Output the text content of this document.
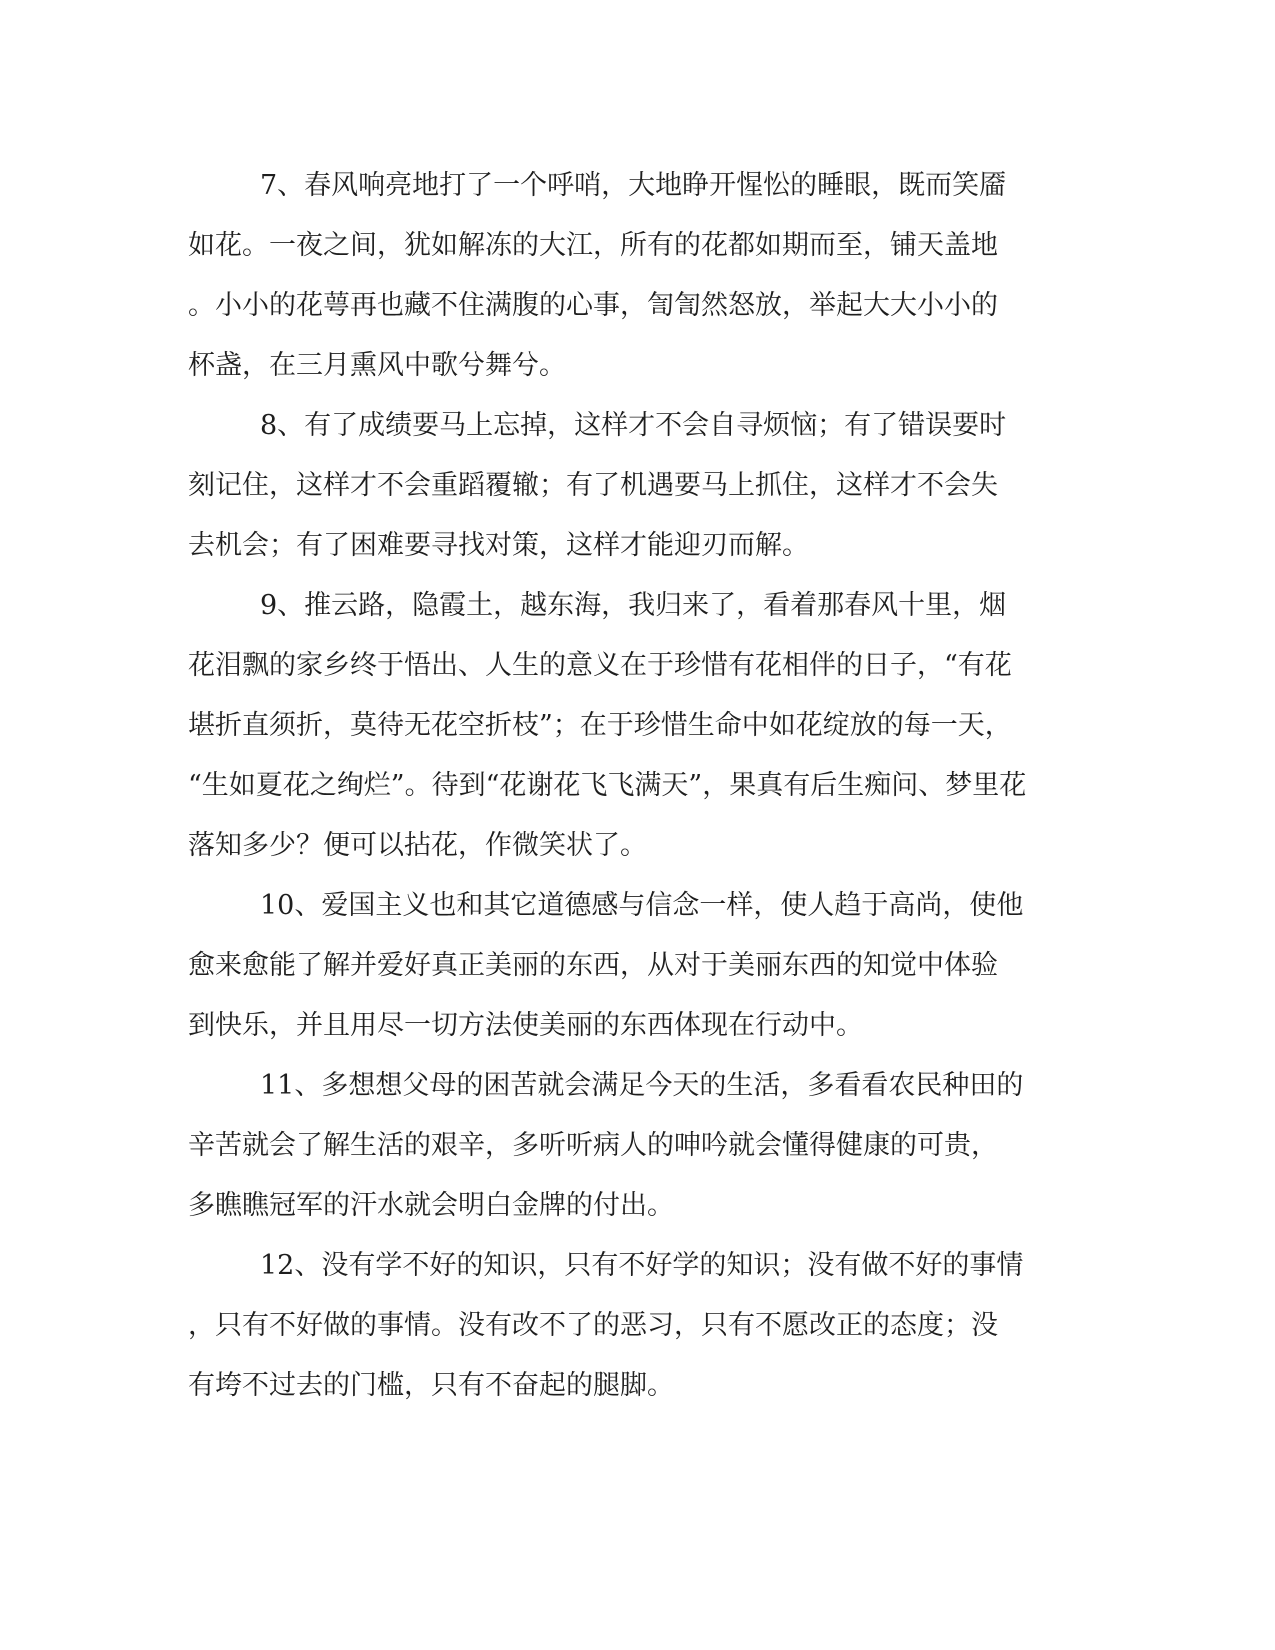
7、春风响亮地打了一个呼哨，大地睁开惺忪的睡眼，既而笑靥
如花。一夜之间，犹如解冻的大江，所有的花都如期而至，铺天盖地
。小小的花萼再也藏不住满腹的心事，訇訇然怒放，举起大大小小的
杯盏，在三月熏风中歌兮舞兮。
8、有了成绩要马上忘掉，这样才不会自寻烦恼；有了错误要时
刻记住，这样才不会重蹈覆辙；有了机遇要马上抓住，这样才不会失
去机会；有了困难要寻找对策，这样才能迎刃而解。
9、推云路，隐霞土，越东海，我归来了，看着那春风十里，烟
花泪飘的家乡终于悟出、人生的意义在于珍惜有花相伴的日子，“有花
堪折直须折，莫待无花空折枝”；在于珍惜生命中如花绽放的每一天，
“生如夏花之绚烂”。待到“花谢花飞飞满天”，果真有后生痴问、梦里花
落知多少？便可以拈花，作微笑状了。
10、爱国主义也和其它道德感与信念一样，使人趋于高尚，使他
愈来愈能了解并爱好真正美丽的东西，从对于美丽东西的知觉中体验
到快乐，并且用尽一切方法使美丽的东西体现在行动中。
11、多想想父母的困苦就会满足今天的生活，多看看农民种田的
辛苦就会了解生活的艰辛，多听听病人的呻吟就会懂得健康的可贵，
多瞧瞧冠军的汗水就会明白金牌的付出。
12、没有学不好的知识，只有不好学的知识；没有做不好的事情
，只有不好做的事情。没有改不了的恶习，只有不愿改正的态度；没
有垮不过去的门槛，只有不奋起的腿脚。
